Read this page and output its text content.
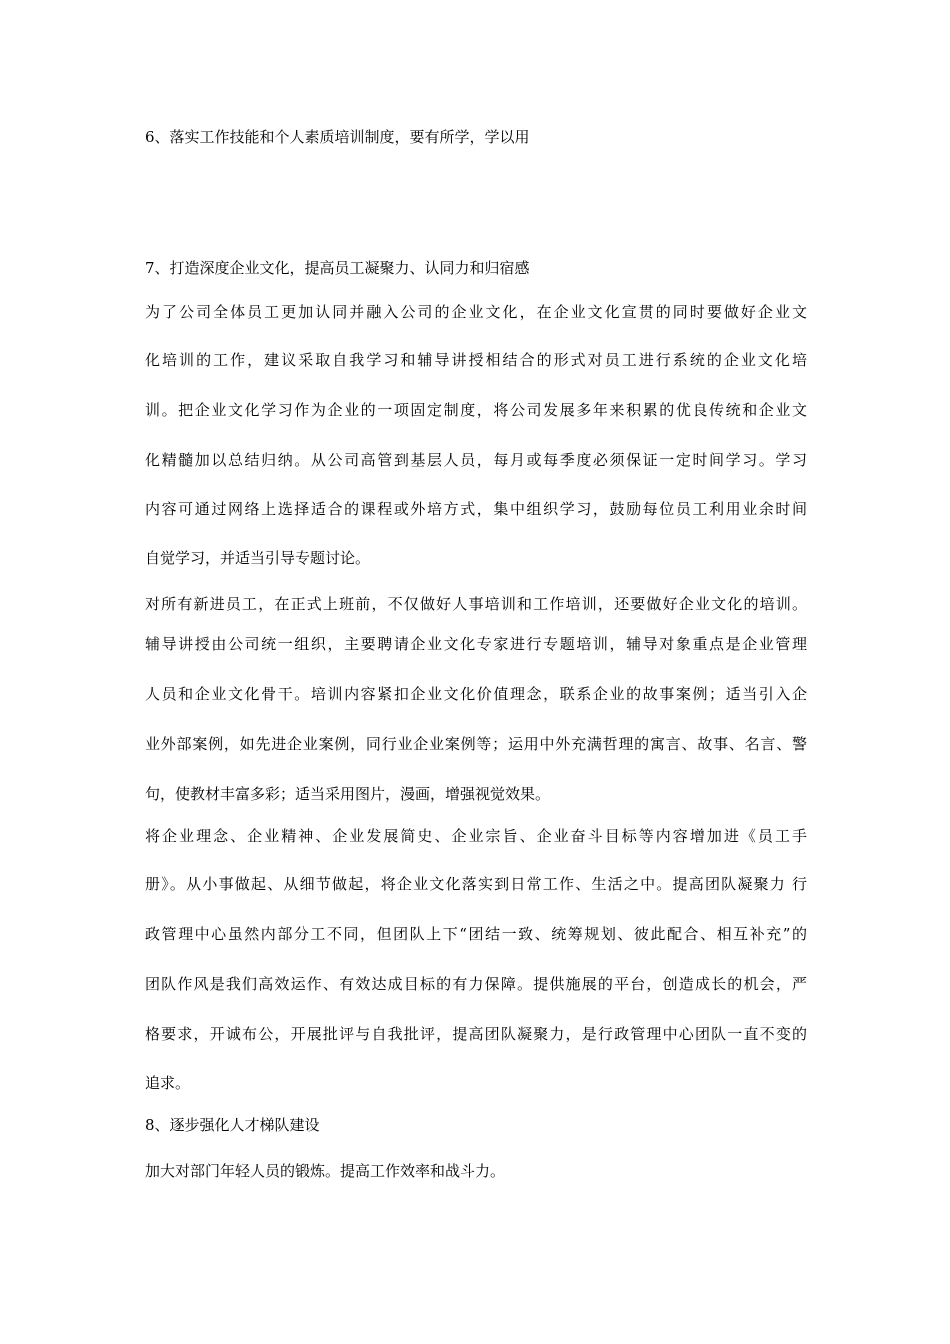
6、落实工作技能和个人素质培训制度，要有所学，学以用

7、打造深度企业文化，提高员工凝聚力、认同力和归宿感

为了公司全体员工更加认同并融入公司的企业文化，在企业文化宣贯的同时要做好企业文

化培训的工作，建议采取自我学习和辅导讲授相结合的形式对员工进行系统的企业文化培

训。把企业文化学习作为企业的一项固定制度，将公司发展多年来积累的优良传统和企业文

化精髓加以总结归纳。从公司高管到基层人员，每月或每季度必须保证一定时间学习。学习

内容可通过网络上选择适合的课程或外培方式，集中组织学习，鼓励每位员工利用业余时间

自觉学习，并适当引导专题讨论。

对所有新进员工，在正式上班前，不仅做好人事培训和工作培训，还要做好企业文化的培训。

辅导讲授由公司统一组织，主要聘请企业文化专家进行专题培训，辅导对象重点是企业管理

人员和企业文化骨干。培训内容紧扣企业文化价值理念，联系企业的故事案例；适当引入企

业外部案例，如先进企业案例，同行业企业案例等；运用中外充满哲理的寓言、故事、名言、警

句，使教材丰富多彩；适当采用图片，漫画，增强视觉效果。

将企业理念、企业精神、企业发展简史、企业宗旨、企业奋斗目标等内容增加进《员工手

册》。从小事做起、从细节做起，将企业文化落实到日常工作、生活之中。提高团队凝聚力 行

政管理中心虽然内部分工不同，但团队上下“团结一致、统筹规划、彼此配合、相互补充”的

团队作风是我们高效运作、有效达成目标的有力保障。提供施展的平台，创造成长的机会，严

格要求，开诚布公，开展批评与自我批评，提高团队凝聚力，是行政管理中心团队一直不变的

追求。

8、逐步强化人才梯队建设

加大对部门年轻人员的锻炼。提高工作效率和战斗力。
